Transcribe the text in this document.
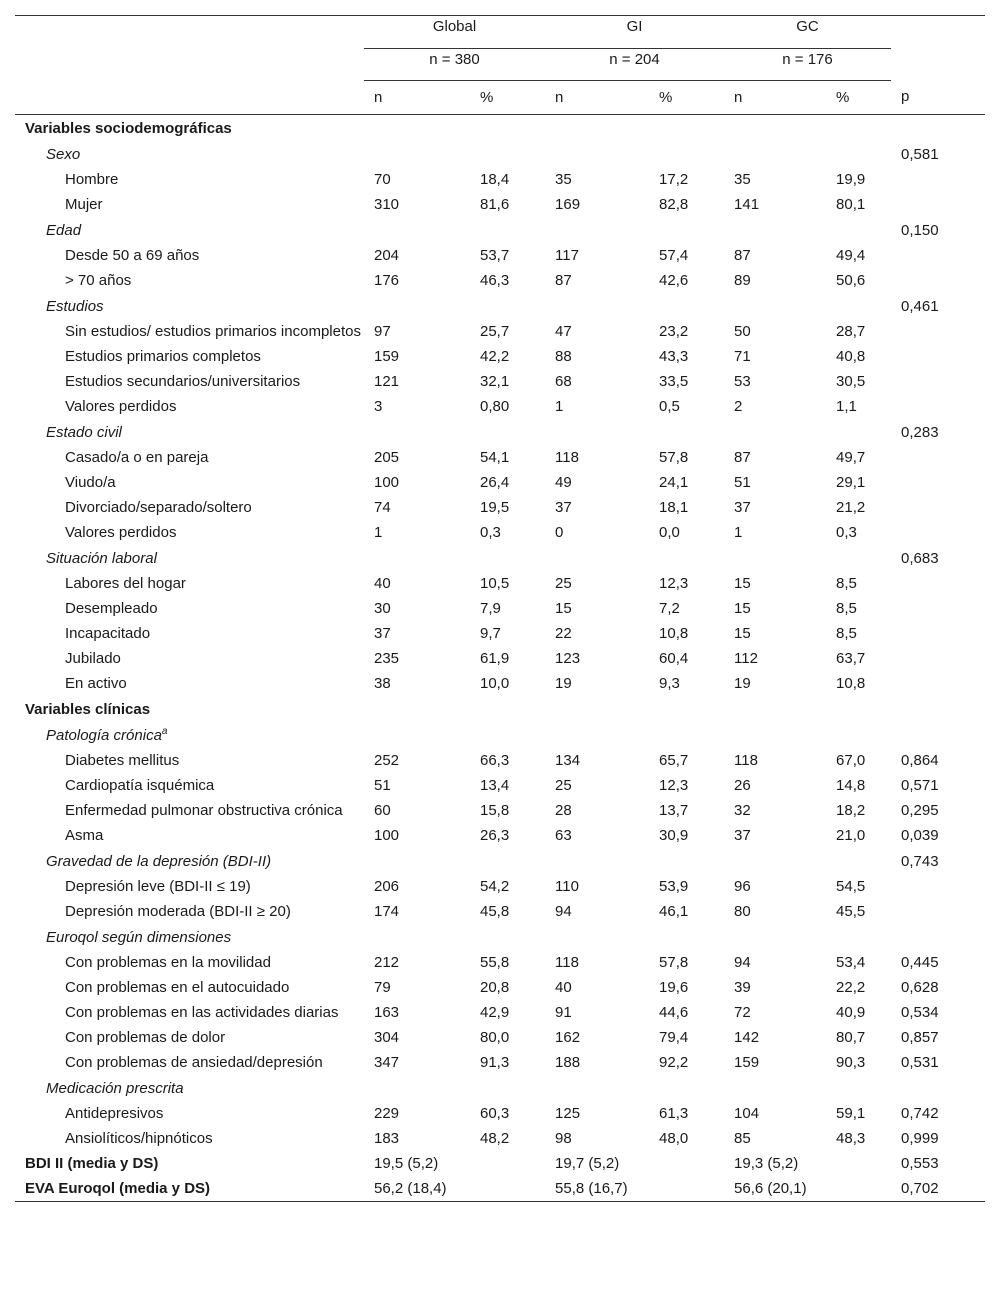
	Global		GI		GC		
	n = 380		n = 204		n = 176		
	n	%	n	%	n	%	p
Variables sociodemográficas							
Sexo							0,581
Hombre	70	18,4	35	17,2	35	19,9	
Mujer	310	81,6	169	82,8	141	80,1	
Edad							0,150
Desde 50 a 69 años	204	53,7	117	57,4	87	49,4	
> 70 años	176	46,3	87	42,6	89	50,6	
Estudios							0,461
Sin estudios/ estudios primarios incompletos	97	25,7	47	23,2	50	28,7	
Estudios primarios completos	159	42,2	88	43,3	71	40,8	
Estudios secundarios/universitarios	121	32,1	68	33,5	53	30,5	
Valores perdidos	3	0,80	1	0,5	2	1,1	
Estado civil							0,283
Casado/a o en pareja	205	54,1	118	57,8	87	49,7	
Viudo/a	100	26,4	49	24,1	51	29,1	
Divorciado/separado/soltero	74	19,5	37	18,1	37	21,2	
Valores perdidos	1	0,3	0	0,0	1	0,3	
Situación laboral							0,683
Labores del hogar	40	10,5	25	12,3	15	8,5	
Desempleado	30	7,9	15	7,2	15	8,5	
Incapacitado	37	9,7	22	10,8	15	8,5	
Jubilado	235	61,9	123	60,4	112	63,7	
En activo	38	10,0	19	9,3	19	10,8	
Variables clínicas							
Patología crónica$^a$							
Diabetes mellitus	252	66,3	134	65,7	118	67,0	0,864
Cardiopatía isquémica	51	13,4	25	12,3	26	14,8	0,571
Enfermedad pulmonar obstructiva crónica	60	15,8	28	13,7	32	18,2	0,295
Asma	100	26,3	63	30,9	37	21,0	0,039
Gravedad de la depresión (BDI-II)							0,743
Depresión leve (BDI-II ≤ 19)	206	54,2	110	53,9	96	54,5	
Depresión moderada (BDI-II ≥ 20)	174	45,8	94	46,1	80	45,5	
Euroqol según dimensiones							
Con problemas en la movilidad	212	55,8	118	57,8	94	53,4	0,445
Con problemas en el autocuidado	79	20,8	40	19,6	39	22,2	0,628
Con problemas en las actividades diarias	163	42,9	91	44,6	72	40,9	0,534
Con problemas de dolor	304	80,0	162	79,4	142	80,7	0,857
Con problemas de ansiedad/depresión	347	91,3	188	92,2	159	90,3	0,531
Medicación prescrita							
Antidepresivos	229	60,3	125	61,3	104	59,1	0,742
Ansiolíticos/hipnóticos	183	48,2	98	48,0	85	48,3	0,999
BDI II (media y DS)	19,5 (5,2)		19,7 (5,2)		19,3 (5,2)		0,553
EVA Euroqol (media y DS)	56,2 (18,4)		55,8 (16,7)		56,6 (20,1)		0,702
